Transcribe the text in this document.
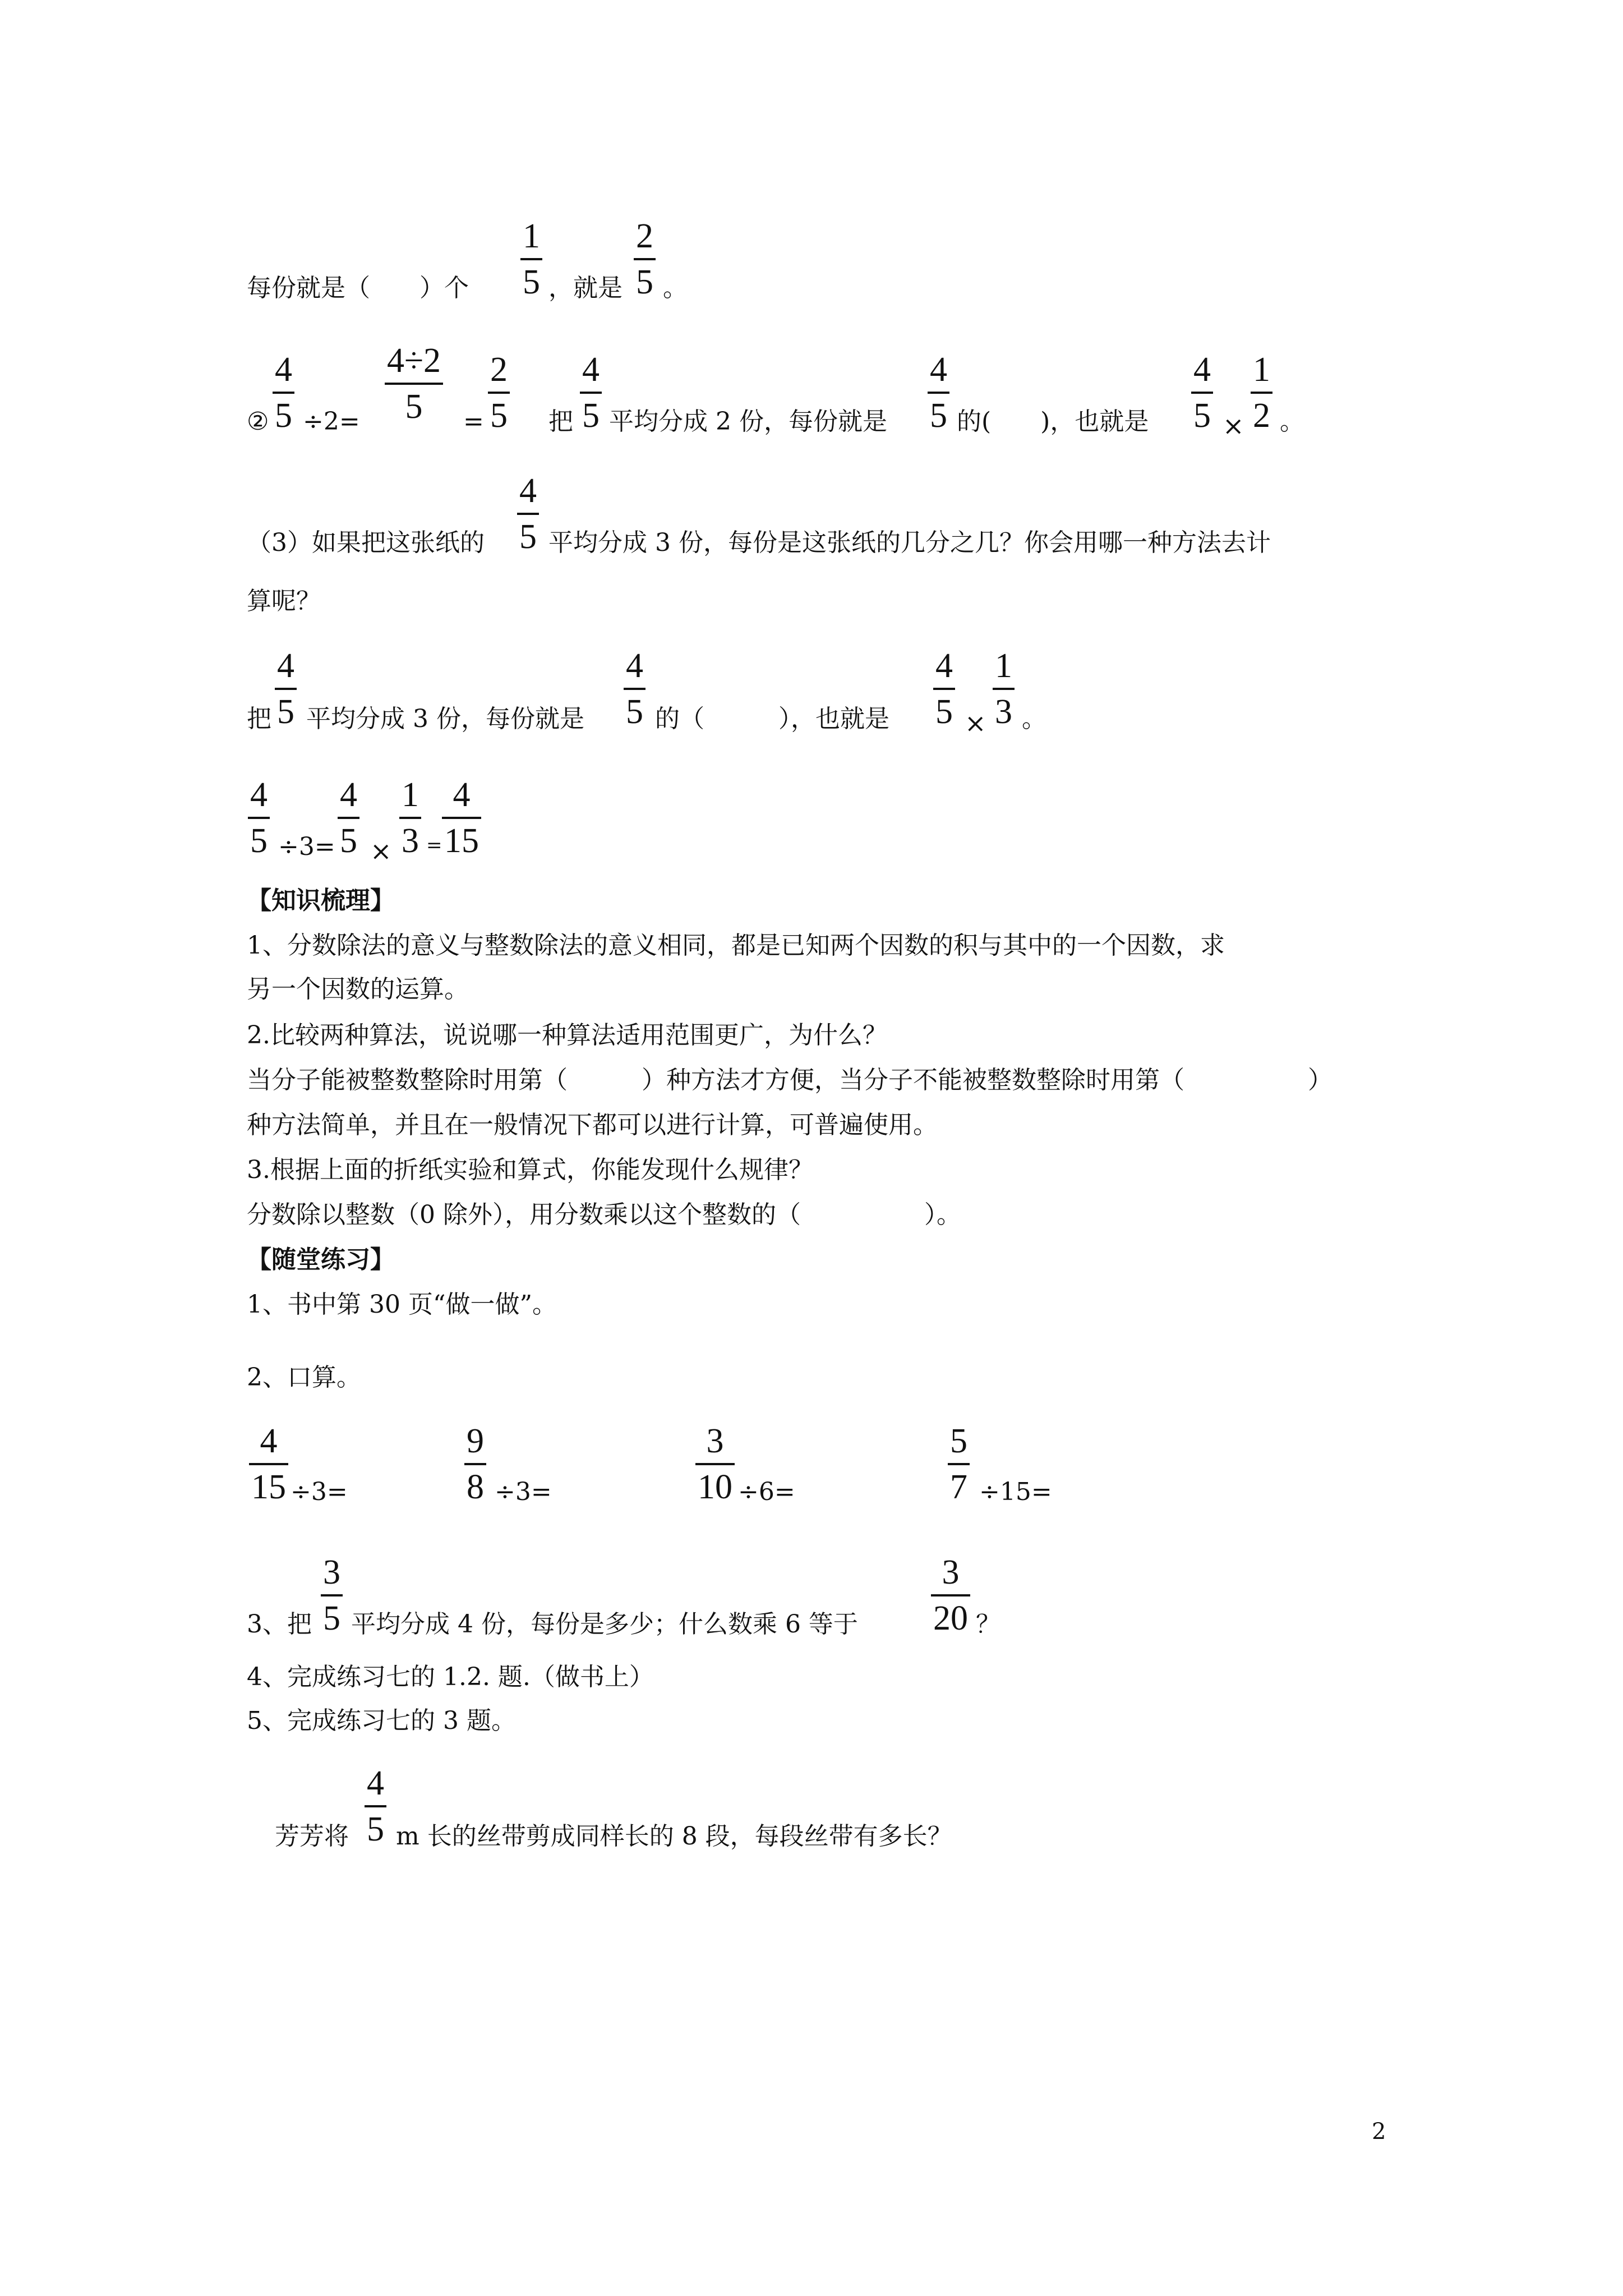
每份就是（　　）个
1
5 ，就是
2
5 。
②
4
5 ÷2=
4÷2
5	=
2
5 把
4
5 平均分成 2 份，每份就是
4
5 的(　　)，也就是
4
5 ×
1
2 。
（3）如果把这张纸的
4
5 平均分成 3 份，每份是这张纸的几分之几？你会用哪一种方法去计
算呢？
把
4
5 平均分成 3 份，每份就是
4
5 的（　　　），也就是
4
5 ×
1
3 。
4
5 ÷3=
4
5 ×
1
3 =
4
15
【知识梳理】
1、分数除法的意义与整数除法的意义相同，都是已知两个因数的积与其中的一个因数，求
另一个因数的运算。
2.比较两种算法，说说哪一种算法适用范围更广，为什么？
当分子能被整数整除时用第（　　　）种方法才方便，当分子不能被整数整除时用第（　　　　　）
种方法简单，并且在一般情况下都可以进行计算，可普遍使用。
3.根据上面的折纸实验和算式，你能发现什么规律？
分数除以整数（0 除外），用分数乘以这个整数的（　　　　　）。
【随堂练习】
1、书中第 30 页“做一做”。
2、口算。
4
15 ÷3=
9
8 ÷3=
3
10 ÷6=
5
7 ÷15=
3、把
3
5 平均分成 4 份，每份是多少；什么数乘 6 等于
3
20 ？
4、完成练习七的 1.2. 题.（做书上）
5、完成练习七的 3 题。
芳芳将
4
5 m 长的丝带剪成同样长的 8 段，每段丝带有多长？
2
